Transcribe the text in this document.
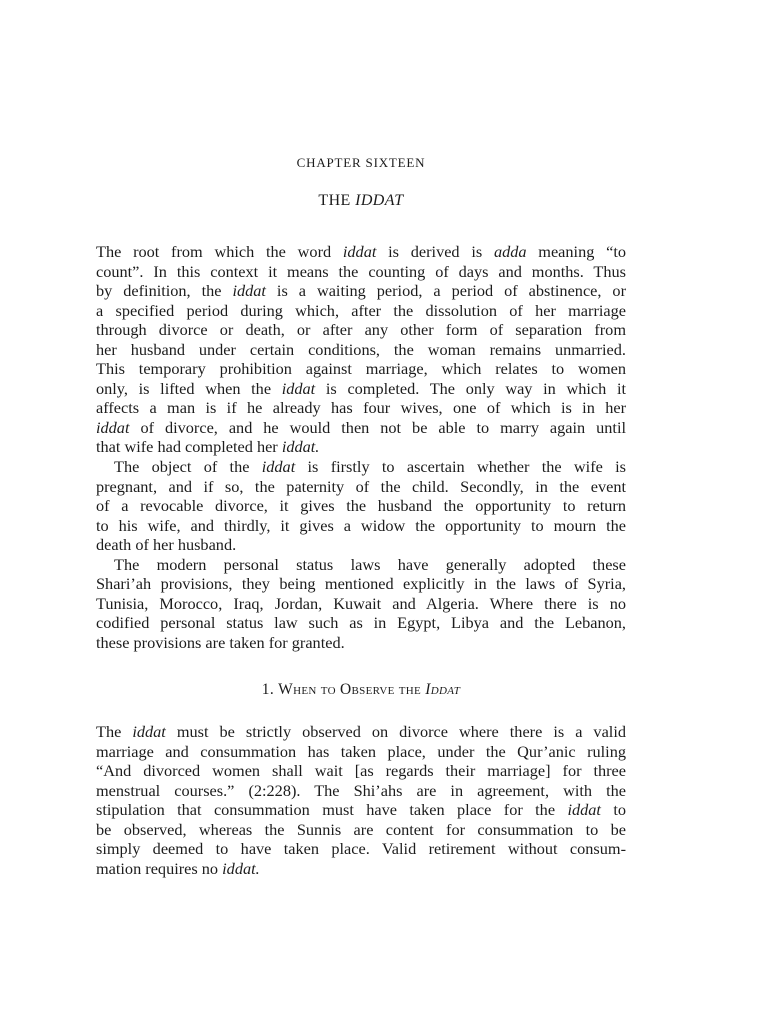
CHAPTER SIXTEEN
THE IDDAT

The root from which the word iddat is derived is adda meaning “to
count”. In this context it means the counting of days and months. Thus
by definition, the iddat is a waiting period, a period of abstinence, or
a specified period during which, after the dissolution of her marriage
through divorce or death, or after any other form of separation from
her husband under certain conditions, the woman remains unmarried.
This temporary prohibition against marriage, which relates to women
only, is lifted when the iddat is completed. The only way in which it
affects a man is if he already has four wives, one of which is in her
iddat of divorce, and he would then not be able to marry again until
that wife had completed her iddat.

The object of the iddat is firstly to ascertain whether the wife is
pregnant, and if so, the paternity of the child. Secondly, in the event
of a revocable divorce, it gives the husband the opportunity to return
to his wife, and thirdly, it gives a widow the opportunity to mourn the
death of her husband.

The modern personal status laws have generally adopted these
Shari’ah provisions, they being mentioned explicitly in the laws of Syria,
Tunisia, Morocco, Iraq, Jordan, Kuwait and Algeria. Where there is no
codified personal status law such as in Egypt, Libya and the Lebanon,
these provisions are taken for granted.

1. When to Observe the Iddat

The iddat must be strictly observed on divorce where there is a valid
marriage and consummation has taken place, under the Qur’anic ruling
“And divorced women shall wait [as regards their marriage] for three
menstrual courses.” (2:228). The Shi’ahs are in agreement, with the
stipulation that consummation must have taken place for the iddat to
be observed, whereas the Sunnis are content for consummation to be
simply deemed to have taken place. Valid retirement without consum-
mation requires no iddat.
